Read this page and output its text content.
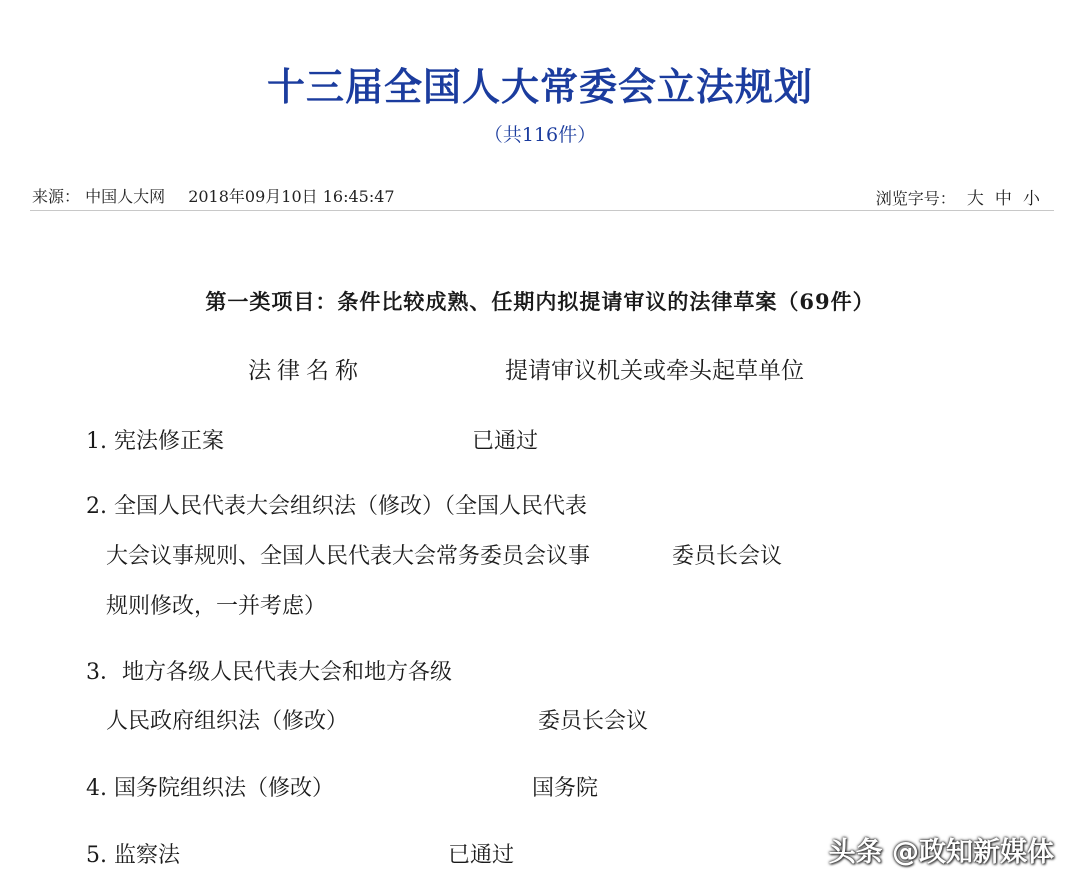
十三届全国人大常委会立法规划
（共116件）
来源： 中国人大网 2018年09月10日 16:45:47	浏览字号： 大 中 小
第一类项目：条件比较成熟、任期内拟提请审议的法律草案（69件）
法律名称	提请审议机关或牵头起草单位
1. 宪法修正案	已通过
2. 全国人民代表大会组织法（修改）（全国人民代表
大会议事规则、全国人民代表大会常务委员会议事	委员长会议
规则修改，一并考虑）
3．地方各级人民代表大会和地方各级
人民政府组织法（修改）	委员长会议
4. 国务院组织法（修改）	国务院
5. 监察法	已通过	头条 @政知新媒体
